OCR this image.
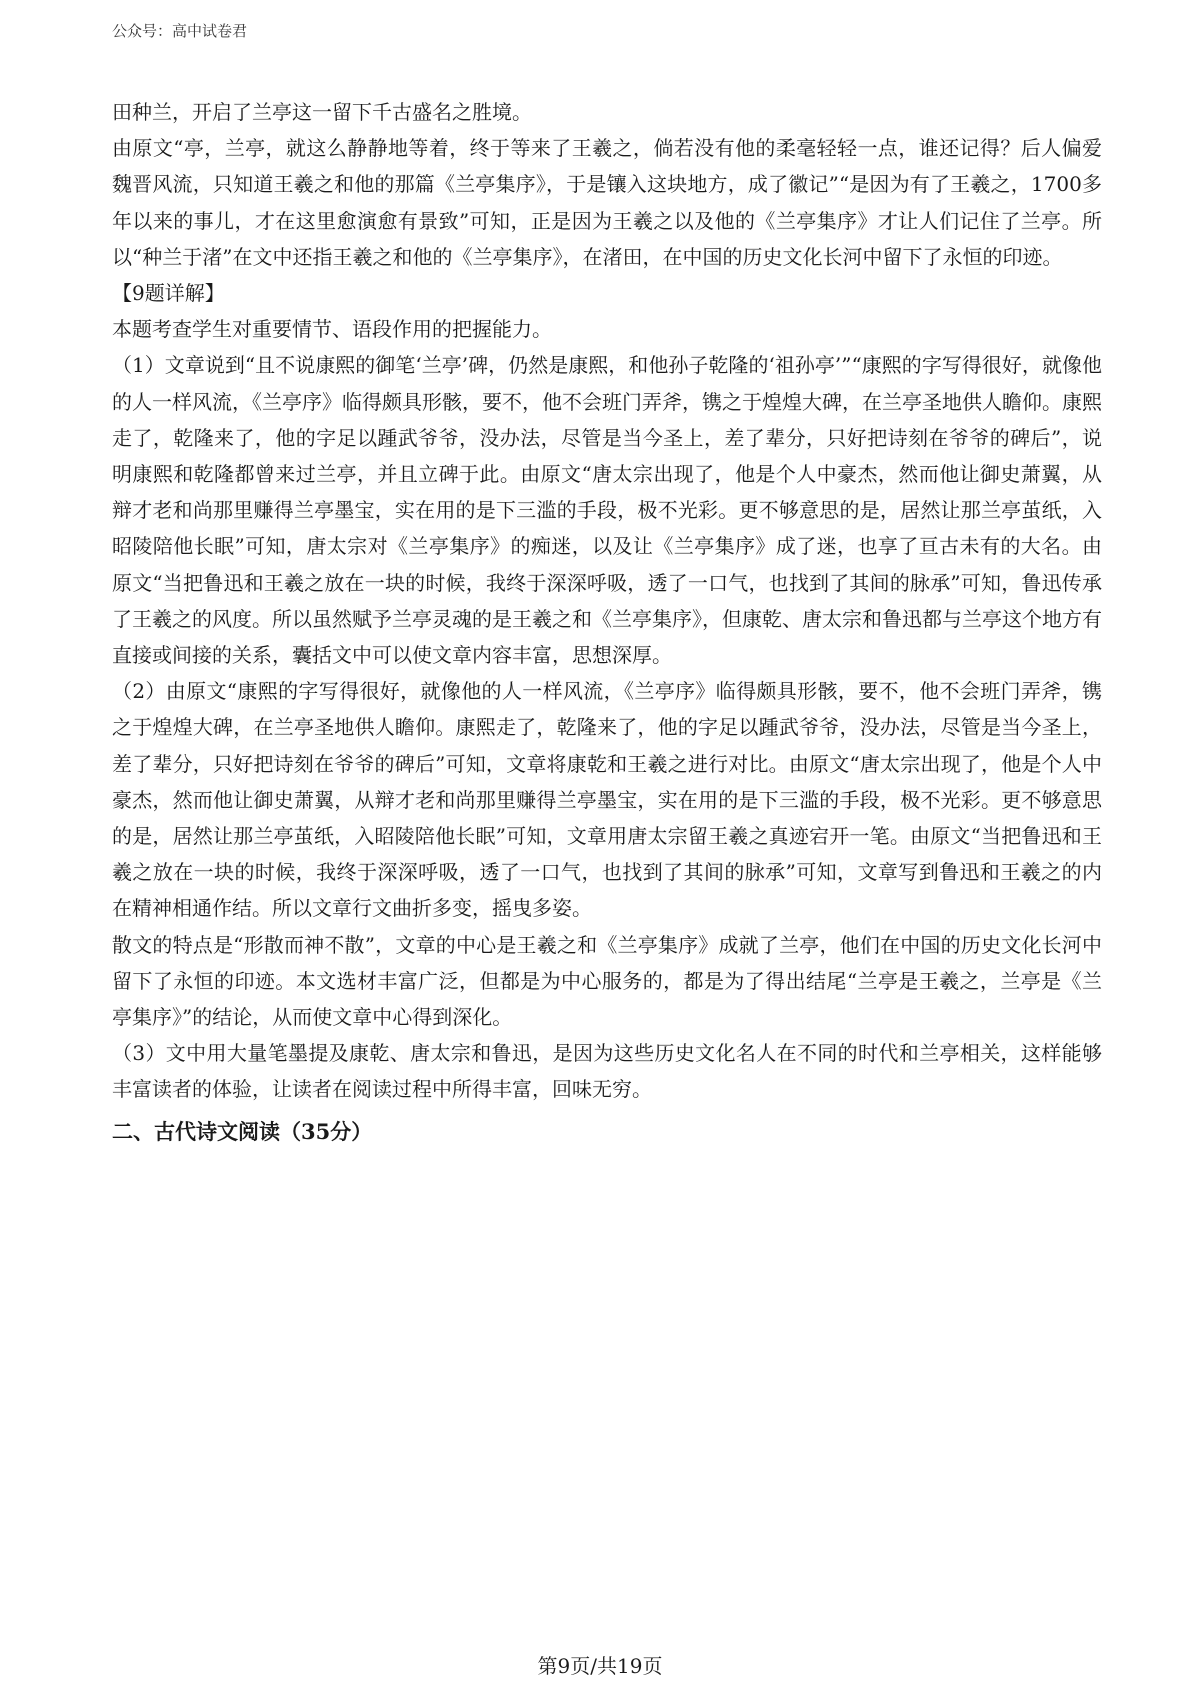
公众号：高中试卷君

田种兰，开启了兰亭这一留下千古盛名之胜境。

由原文“亭，兰亭，就这么静静地等着，终于等来了王羲之，倘若没有他的柔毫轻轻一点，谁还记得？后人偏爱魏晋风流，只知道王羲之和他的那篇《兰亭集序》，于是镶入这块地方，成了徽记”“是因为有了王羲之，1700多年以来的事儿，才在这里愈演愈有景致”可知，正是因为王羲之以及他的《兰亭集序》才让人们记住了兰亭。所以“种兰于渚”在文中还指王羲之和他的《兰亭集序》，在渚田，在中国的历史文化长河中留下了永恒的印迹。

【9题详解】

本题考查学生对重要情节、语段作用的把握能力。

（1）文章说到“且不说康熙的御笔‘兰亭’碑，仍然是康熙，和他孙子乾隆的‘祖孙亭’”“康熙的字写得很好，就像他的人一样风流，《兰亭序》临得颇具形骸，要不，他不会班门弄斧，镌之于煌煌大碑，在兰亭圣地供人瞻仰。康熙走了，乾隆来了，他的字足以踵武爷爷，没办法，尽管是当今圣上，差了辈分，只好把诗刻在爷爷的碑后”，说明康熙和乾隆都曾来过兰亭，并且立碑于此。由原文“唐太宗出现了，他是个人中豪杰，然而他让御史萧翼，从辩才老和尚那里赚得兰亭墨宝，实在用的是下三滥的手段，极不光彩。更不够意思的是，居然让那兰亭茧纸，入昭陵陪他长眠”可知，唐太宗对《兰亭集序》的痴迷，以及让《兰亭集序》成了迷，也享了亘古未有的大名。由原文“当把鲁迅和王羲之放在一块的时候，我终于深深呼吸，透了一口气，也找到了其间的脉承”可知，鲁迅传承了王羲之的风度。所以虽然赋予兰亭灵魂的是王羲之和《兰亭集序》，但康乾、唐太宗和鲁迅都与兰亭这个地方有直接或间接的关系，囊括文中可以使文章内容丰富，思想深厚。

（2）由原文“康熙的字写得很好，就像他的人一样风流，《兰亭序》临得颇具形骸，要不，他不会班门弄斧，镌之于煌煌大碑，在兰亭圣地供人瞻仰。康熙走了，乾隆来了，他的字足以踵武爷爷，没办法，尽管是当今圣上，差了辈分，只好把诗刻在爷爷的碑后”可知，文章将康乾和王羲之进行对比。由原文“唐太宗出现了，他是个人中豪杰，然而他让御史萧翼，从辩才老和尚那里赚得兰亭墨宝，实在用的是下三滥的手段，极不光彩。更不够意思的是，居然让那兰亭茧纸，入昭陵陪他长眠”可知，文章用唐太宗留王羲之真迹宕开一笔。由原文“当把鲁迅和王羲之放在一块的时候，我终于深深呼吸，透了一口气，也找到了其间的脉承”可知，文章写到鲁迅和王羲之的内在精神相通作结。所以文章行文曲折多变，摇曳多姿。

散文的特点是“形散而神不散”，文章的中心是王羲之和《兰亭集序》成就了兰亭，他们在中国的历史文化长河中留下了永恒的印迹。本文选材丰富广泛，但都是为中心服务的，都是为了得出结尾“兰亭是王羲之，兰亭是《兰亭集序》”的结论，从而使文章中心得到深化。

（3）文中用大量笔墨提及康乾、唐太宗和鲁迅，是因为这些历史文化名人在不同的时代和兰亭相关，这样能够丰富读者的体验，让读者在阅读过程中所得丰富，回味无穷。

二、古代诗文阅读（35分）
第9页/共19页
